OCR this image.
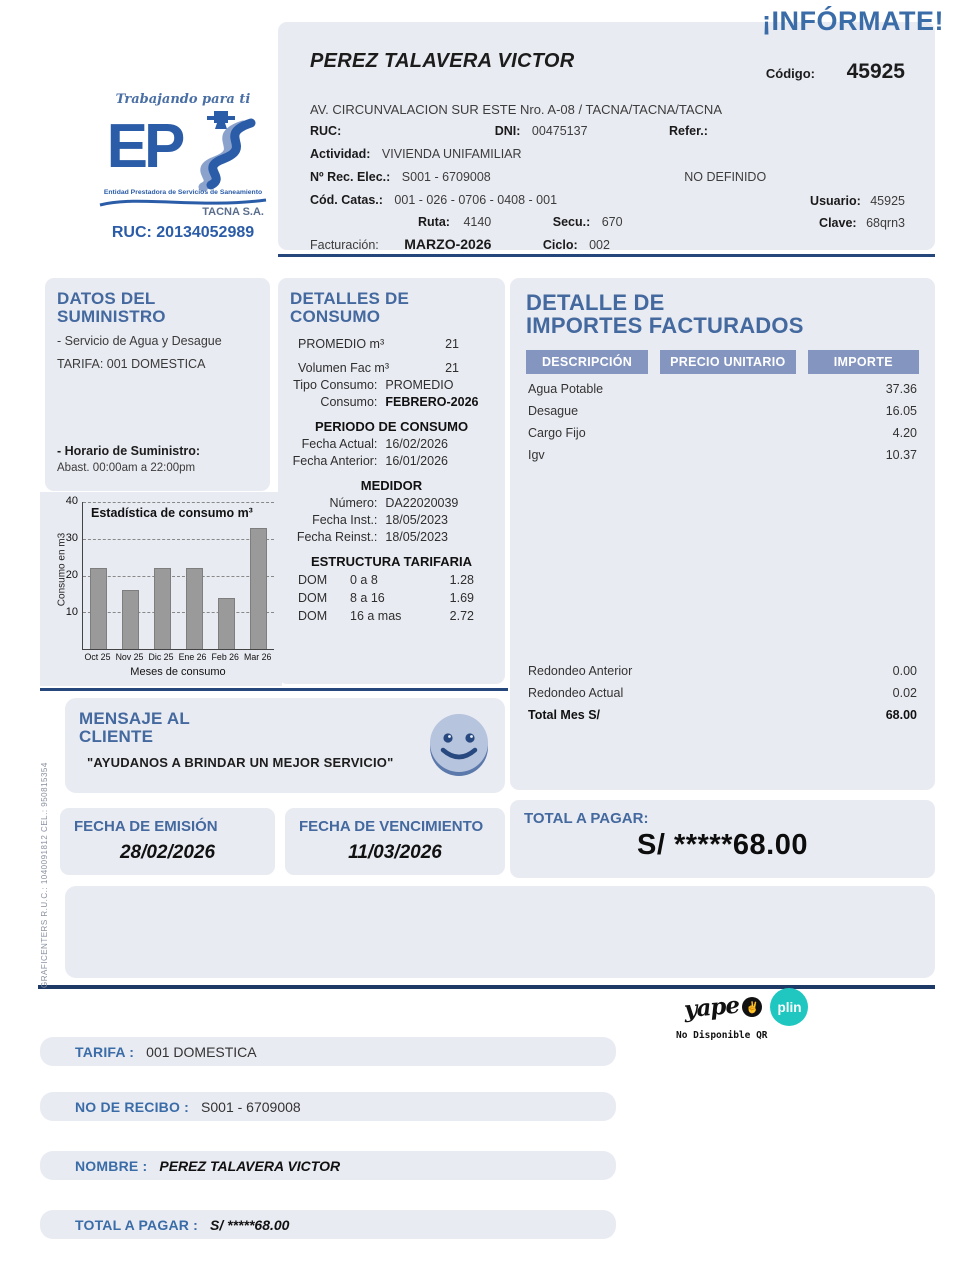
Trabajando para ti
EP
Entidad Prestadora de Servicios de Saneamiento
TACNA S.A.
RUC: 20134052989
PEREZ TALAVERA VICTOR
Código: 45925
AV. CIRCUNVALACION SUR ESTE Nro. A-08 / TACNA/TACNA/TACNA
RUC:	DNI: 00475137	Refer.:
Actividad: VIVIENDA UNIFAMILIAR
Nº Rec. Elec.: S001 - 6709008	NO DEFINIDO
Cód. Catas.: 001 - 026 - 0706 - 0408 - 001
Ruta: 4140	Secu.: 670
Usuario: 45925
Clave: 68qrn3
Facturación: MARZO-2026	Ciclo: 002
DATOS DEL
SUMINISTRO
- Servicio de Agua y Desague
TARIFA: 001 DOMESTICA
- Horario de Suministro:
Abast. 00:00am a 22:00pm
Consumo en m3
40
30
20
10
Estadística de consumo m³
Oct 25 Nov 25 Dic 25 Ene 26 Feb 26 Mar 26
Meses de consumo
DETALLES DE
CONSUMO
PROMEDIO m³	21
Volumen Fac m³	21
Tipo Consumo: PROMEDIO
Consumo: FEBRERO-2026
PERIODO DE CONSUMO
Fecha Actual: 16/02/2026
Fecha Anterior: 16/01/2026
MEDIDOR
Número: DA22020039
Fecha Inst.: 18/05/2023
Fecha Reinst.: 18/05/2023
ESTRUCTURA TARIFARIA
DOM	0 a 8	1.28
DOM	8 a 16	1.69
DOM	16 a mas	2.72
DETALLE DE
IMPORTES FACTURADOS
DESCRIPCIÓN	PRECIO UNITARIO	IMPORTE
Agua Potable	37.36
Desague	16.05
Cargo Fijo	4.20
Igv	10.37
Redondeo Anterior	0.00
Redondeo Actual	0.02
Total Mes S/	68.00
MENSAJE AL
CLIENTE
"AYUDANOS A BRINDAR UN MEJOR SERVICIO"
FECHA DE EMISIÓN
28/02/2026
FECHA DE VENCIMIENTO
11/03/2026
TOTAL A PAGAR:
S/ *****68.00
¡INFÓRMATE!
yape ✌	plin
No Disponible QR
TARIFA : 001 DOMESTICA
NO DE RECIBO : S001 - 6709008
NOMBRE : PEREZ TALAVERA VICTOR
TOTAL A PAGAR : S/ *****68.00
GRAFICENTERS R.U.C.: 1040091812 CEL.: 950815354
